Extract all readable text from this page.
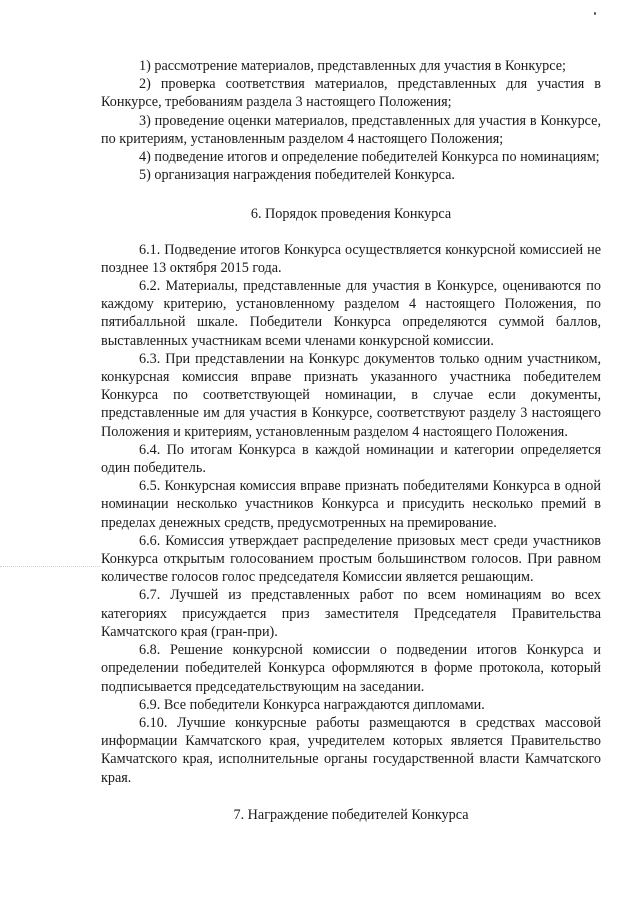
1) рассмотрение материалов, представленных для участия в Конкурсе;

2) проверка соответствия материалов, представленных для участия в Конкурсе, требованиям раздела 3 настоящего Положения;

3) проведение оценки материалов, представленных для участия в Конкурсе, по критериям, установленным разделом 4 настоящего Положения;

4) подведение итогов и определение победителей Конкурса по номинациям;

5) организация награждения победителей Конкурса.

6. Порядок проведения Конкурса

6.1. Подведение итогов Конкурса осуществляется конкурсной комиссией не позднее 13 октября 2015 года.

6.2. Материалы, представленные для участия в Конкурсе, оцениваются по каждому критерию, установленному разделом 4 настоящего Положения, по пятибалльной шкале. Победители Конкурса определяются суммой баллов, выставленных участникам всеми членами конкурсной комиссии.

6.3. При представлении на Конкурс документов только одним участником, конкурсная комиссия вправе признать указанного участника победителем Конкурса по соответствующей номинации, в случае если документы, представленные им для участия в Конкурсе, соответствуют разделу 3 настоящего Положения и критериям, установленным разделом 4 настоящего Положения.

6.4. По итогам Конкурса в каждой номинации и категории определяется один победитель.

6.5. Конкурсная комиссия вправе признать победителями Конкурса в одной номинации несколько участников Конкурса и присудить несколько премий в пределах денежных средств, предусмотренных на премирование.

6.6. Комиссия утверждает распределение призовых мест среди участников Конкурса открытым голосованием простым большинством голосов. При равном количестве голосов голос председателя Комиссии является решающим.

6.7. Лучшей из представленных работ по всем номинациям во всех категориях присуждается приз заместителя Председателя Правительства Камчатского края (гран-при).

6.8. Решение конкурсной комиссии о подведении итогов Конкурса и определении победителей Конкурса оформляются в форме протокола, который подписывается председательствующим на заседании.

6.9. Все победители Конкурса награждаются дипломами.

6.10. Лучшие конкурсные работы размещаются в средствах массовой информации Камчатского края, учредителем которых является Правительство Камчатского края, исполнительные органы государственной власти Камчатского края.

7. Награждение победителей Конкурса
